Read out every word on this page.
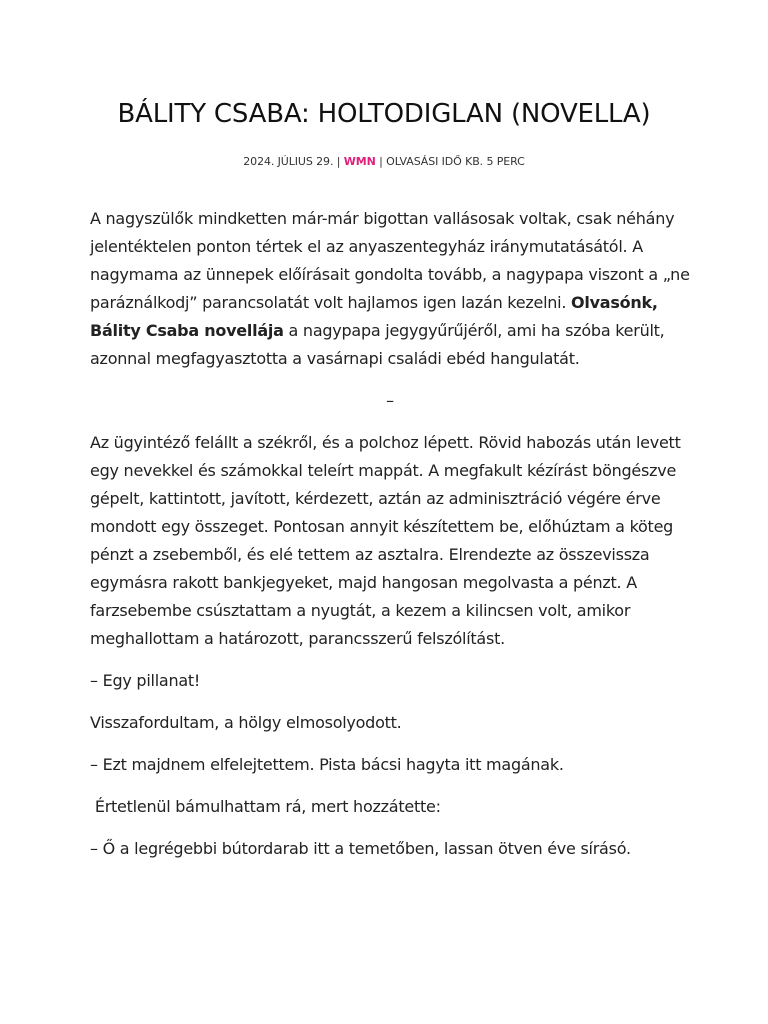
BÁLITY CSABA: HOLTODIGLAN (NOVELLA)
2024. JÚLIUS 29. | WMN | OLVASÁSI IDŐ KB. 5 PERC

A nagyszülők mindketten már-már bigottan vallásosak voltak, csak néhány jelentéktelen ponton tértek el az anyaszentegyház iránymutatásától. A nagymama az ünnepek előírásait gondolta tovább, a nagypapa viszont a „ne paráználkodj” parancsolatát volt hajlamos igen lazán kezelni. Olvasónk, Bálity Csaba novellája a nagypapa jegygyűrűjéről, ami ha szóba került, azonnal megfagyasztotta a vasárnapi családi ebéd hangulatát.

–

Az ügyintéző felállt a székről, és a polchoz lépett. Rövid habozás után levett egy nevekkel és számokkal teleírt mappát. A megfakult kézírást böngészve gépelt, kattintott, javított, kérdezett, aztán az adminisztráció végére érve mondott egy összeget. Pontosan annyit készítettem be, előhúztam a köteg pénzt a zsebemből, és elé tettem az asztalra. Elrendezte az összevissza egymásra rakott bankjegyeket, majd hangosan megolvasta a pénzt. A farzsebembe csúsztattam a nyugtát, a kezem a kilincsen volt, amikor meghallottam a határozott, parancsszerű felszólítást.

– Egy pillanat!

Visszafordultam, a hölgy elmosolyodott.

– Ezt majdnem elfelejtettem. Pista bácsi hagyta itt magának.

Értetlenül bámulhattam rá, mert hozzátette:

– Ő a legrégebbi bútordarab itt a temetőben, lassan ötven éve sírásó.
